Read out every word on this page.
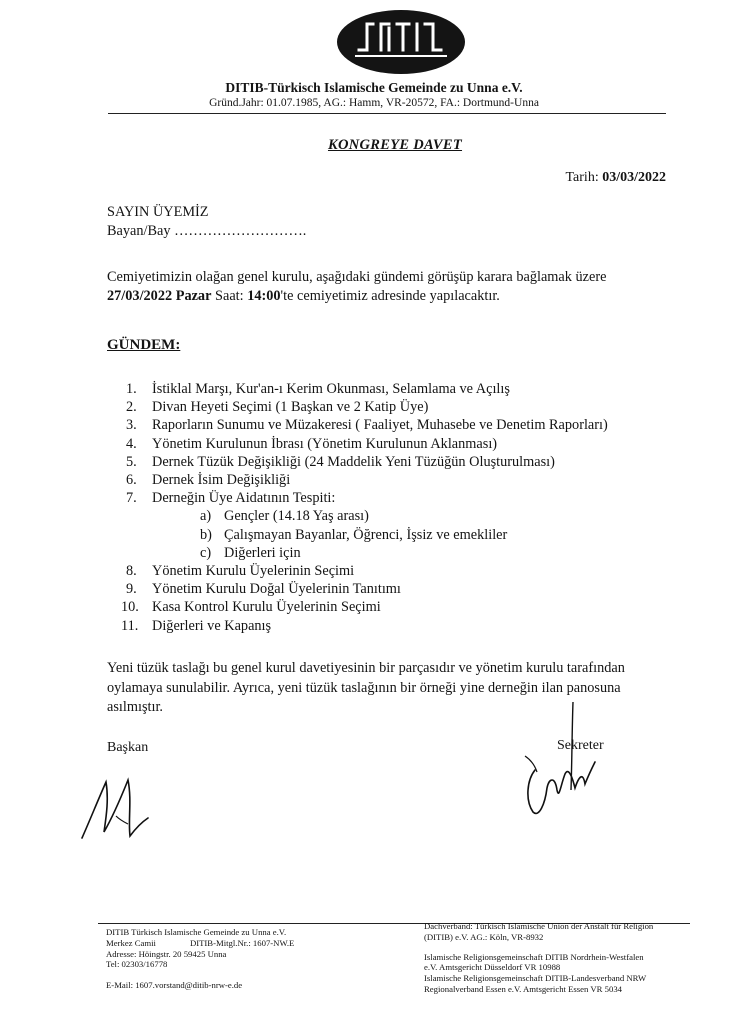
DITIB-Türkisch Islamische Gemeinde zu Unna e.V.
Gründ.Jahr: 01.07.1985, AG.: Hamm, VR-20572, FA.: Dortmund-Unna
KONGREYE DAVET
Tarih: 03/03/2022
SAYIN ÜYEMİZ
Bayan/Bay ……………………….
Cemiyetimizin olağan genel kurulu, aşağıdaki gündemi görüşüp karara bağlamak üzere
27/03/2022 Pazar Saat: 14:00'te cemiyetimiz adresinde yapılacaktır.
GÜNDEM:
1.	İstiklal Marşı, Kur'an-ı Kerim Okunması, Selamlama ve Açılış
2.	Divan Heyeti Seçimi (1 Başkan ve 2 Katip Üye)
3.	Raporların Sunumu ve Müzakeresi ( Faaliyet, Muhasebe ve Denetim Raporları)
4.	Yönetim Kurulunun İbrası (Yönetim Kurulunun Aklanması)
5.	Dernek Tüzük Değişikliği (24 Maddelik Yeni Tüzüğün Oluşturulması)
6.	Dernek İsim Değişikliği
7.	Derneğin Üye Aidatının Tespiti:
a) Gençler (14.18 Yaş arası)
b) Çalışmayan Bayanlar, Öğrenci, İşsiz ve emekliler
c) Diğerleri için
8.	Yönetim Kurulu Üyelerinin Seçimi
9.	Yönetim Kurulu Doğal Üyelerinin Tanıtımı
10. Kasa Kontrol Kurulu Üyelerinin Seçimi
11. Diğerleri ve Kapanış
Yeni tüzük taslağı bu genel kurul davetiyesinin bir parçasıdır ve yönetim kurulu tarafından
oylamaya sunulabilir. Ayrıca, yeni tüzük taslağının bir örneği yine derneğin ilan panosuna
asılmıştır.
Başkan	Sekreter
DITIB Türkisch Islamische Gemeinde zu Unna e.V.
Merkez Camii	DITIB-Mitgl.Nr.: 1607-NW.E
Adresse: Höingstr. 20 59425 Unna
Tel: 02303/16778
E-Mail: 1607.vorstand@ditib-nrw-e.de
Dachverband: Türkisch Islamische Union der Anstalt für Religion
(DITIB) e.V. AG.: Köln, VR-8932
Islamische Religionsgemeinschaft DITIB Nordrhein-Westfalen
e.V. Amtsgericht Düsseldorf VR 10988
Islamische Religionsgemeinschaft DITIB-Landesverband NRW
Regionalverband Essen e.V. Amtsgericht Essen VR 5034
